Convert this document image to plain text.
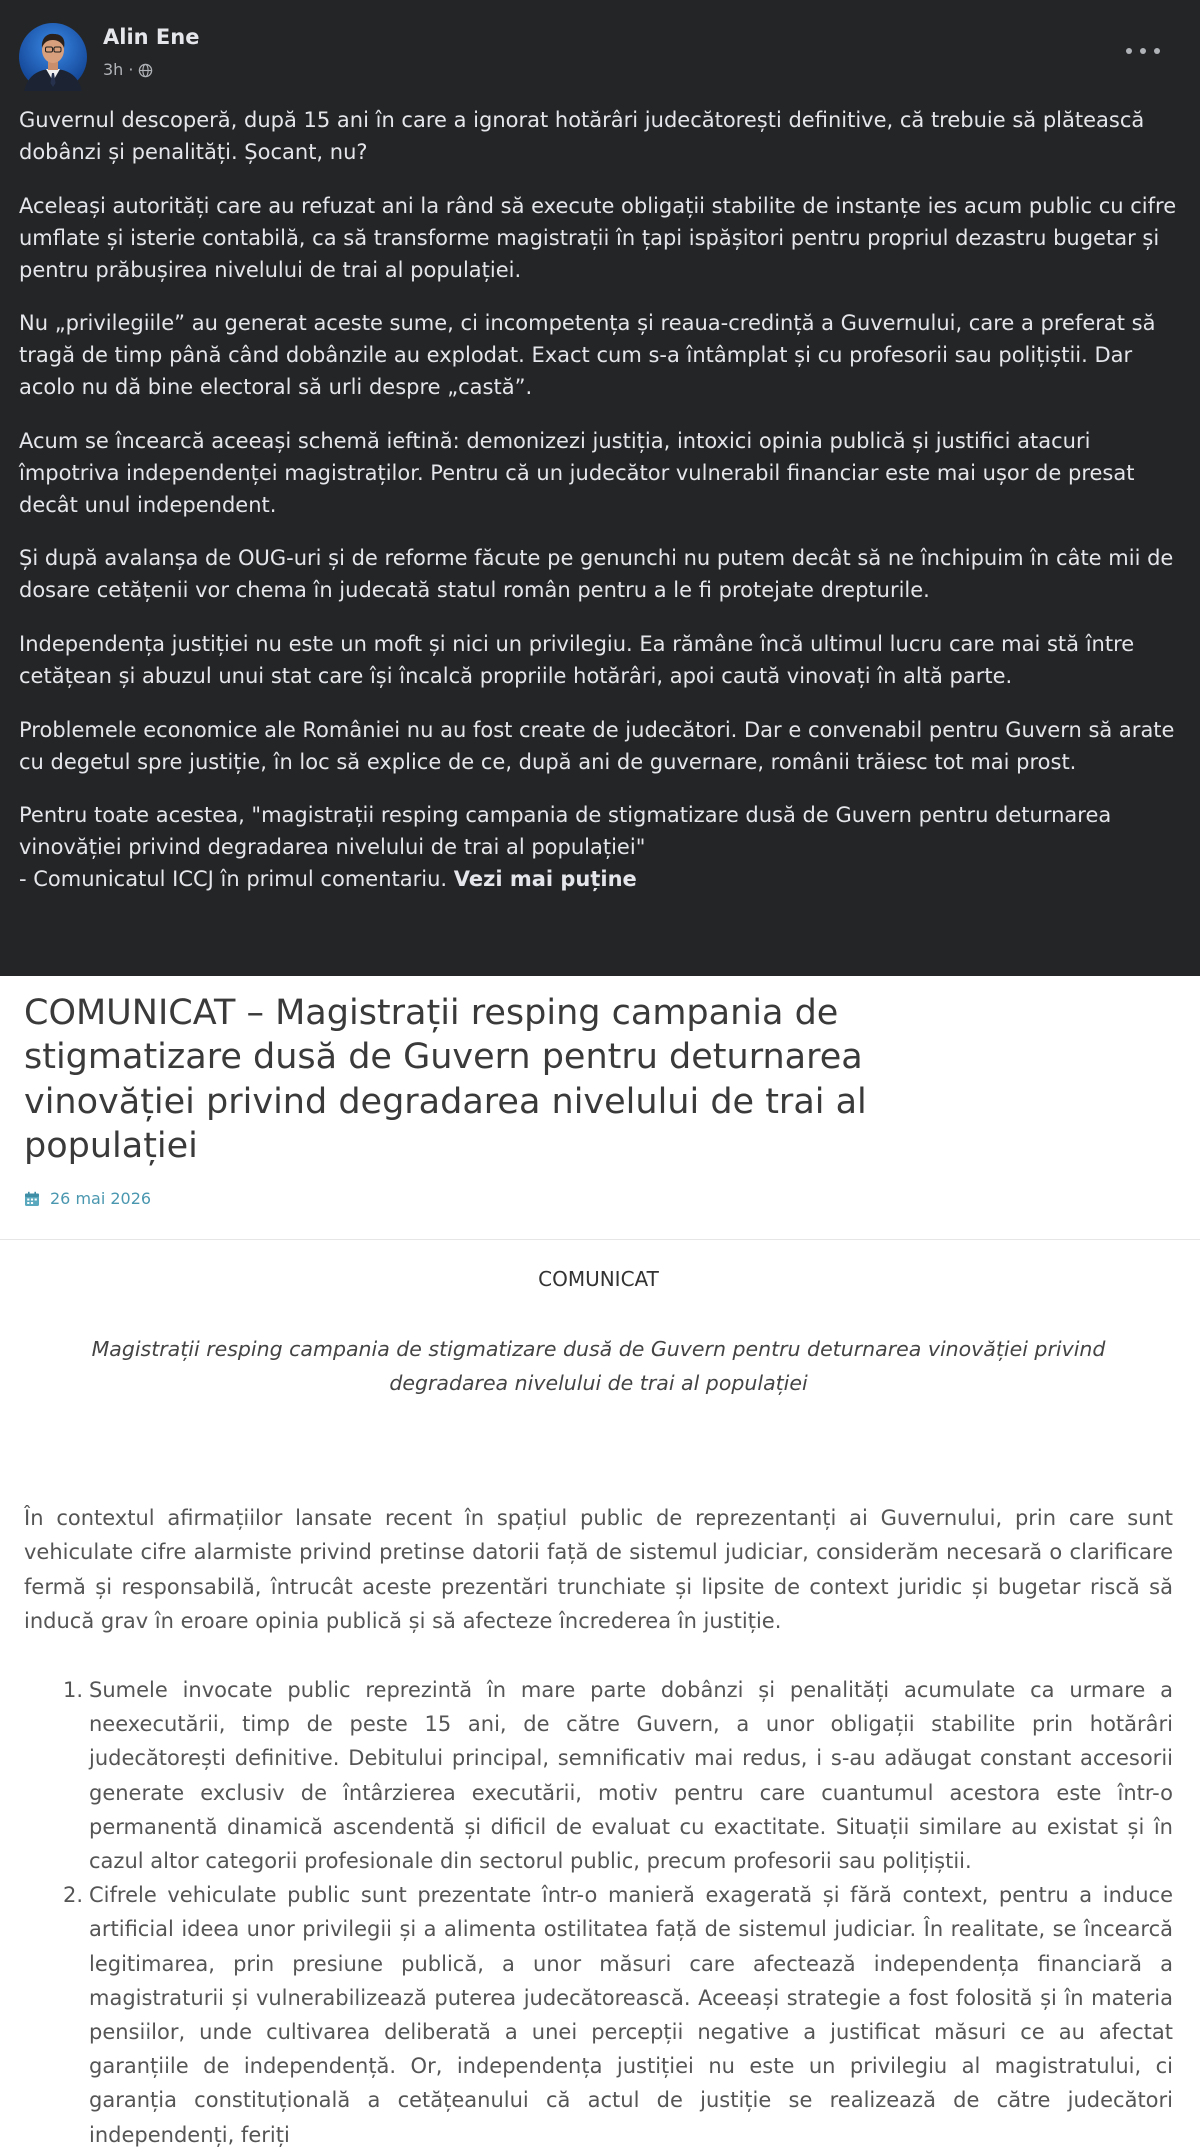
Alin Ene
3h ·

Guvernul descoperă, după 15 ani în care a ignorat hotărâri judecătorești definitive, că trebuie să plătească dobânzi și penalități. Șocant, nu?

Aceleași autorități care au refuzat ani la rând să execute obligații stabilite de instanțe ies acum public cu cifre umflate și isterie contabilă, ca să transforme magistrații în țapi ispășitori pentru propriul dezastru bugetar și pentru prăbușirea nivelului de trai al populației.

Nu „privilegiile” au generat aceste sume, ci incompetența și reaua-credință a Guvernului, care a preferat să tragă de timp până când dobânzile au explodat. Exact cum s-a întâmplat și cu profesorii sau polițiștii. Dar acolo nu dă bine electoral să urli despre „castă”.

Acum se încearcă aceeași schemă ieftină: demonizezi justiția, intoxici opinia publică și justifici atacuri împotriva independenței magistraților. Pentru că un judecător vulnerabil financiar este mai ușor de presat decât unul independent.

Și după avalanșa de OUG-uri și de reforme făcute pe genunchi nu putem decât să ne închipuim în câte mii de dosare cetățenii vor chema în judecată statul român pentru a le fi protejate drepturile.

Independența justiției nu este un moft și nici un privilegiu. Ea rămâne încă ultimul lucru care mai stă între cetățean și abuzul unui stat care își încalcă propriile hotărâri, apoi caută vinovați în altă parte.

Problemele economice ale României nu au fost create de judecători. Dar e convenabil pentru Guvern să arate cu degetul spre justiție, în loc să explice de ce, după ani de guvernare, românii trăiesc tot mai prost.

Pentru toate acestea, "magistrații resping campania de stigmatizare dusă de Guvern pentru deturnarea vinovăției privind degradarea nivelului de trai al populației"
- Comunicatul ICCJ în primul comentariu. Vezi mai puține

COMUNICAT – Magistrații resping campania de stigmatizare dusă de Guvern pentru deturnarea vinovăției privind degradarea nivelului de trai al populației
26 mai 2026
COMUNICAT
Magistrații resping campania de stigmatizare dusă de Guvern pentru deturnarea vinovăției privind degradarea nivelului de trai al populației

În contextul afirmațiilor lansate recent în spațiul public de reprezentanți ai Guvernului, prin care sunt vehiculate cifre alarmiste privind pretinse datorii față de sistemul judiciar, considerăm necesară o clarificare fermă și responsabilă, întrucât aceste prezentări trunchiate și lipsite de context juridic și bugetar riscă să inducă grav în eroare opinia publică și să afecteze încrederea în justiție.

1. Sumele invocate public reprezintă în mare parte dobânzi și penalități acumulate ca urmare a neexecutării, timp de peste 15 ani, de către Guvern, a unor obligații stabilite prin hotărâri judecătorești definitive. Debitului principal, semnificativ mai redus, i s-au adăugat constant accesorii generate exclusiv de întârzierea executării, motiv pentru care cuantumul acestora este într-o permanentă dinamică ascendentă și dificil de evaluat cu exactitate. Situații similare au existat și în cazul altor categorii profesionale din sectorul public, precum profesorii sau polițiștii.
2. Cifrele vehiculate public sunt prezentate într-o manieră exagerată și fără context, pentru a induce artificial ideea unor privilegii și a alimenta ostilitatea față de sistemul judiciar. În realitate, se încearcă legitimarea, prin presiune publică, a unor măsuri care afectează independența financiară a magistraturii și vulnerabilizează puterea judecătorească. Aceeași strategie a fost folosită și în materia pensiilor, unde cultivarea deliberată a unei percepții negative a justificat măsuri ce au afectat garanțiile de independență. Or, independența justiției nu este un privilegiu al magistratului, ci garanția constituțională a cetățeanului că actul de justiție se realizează de către judecători independenți, feriți
